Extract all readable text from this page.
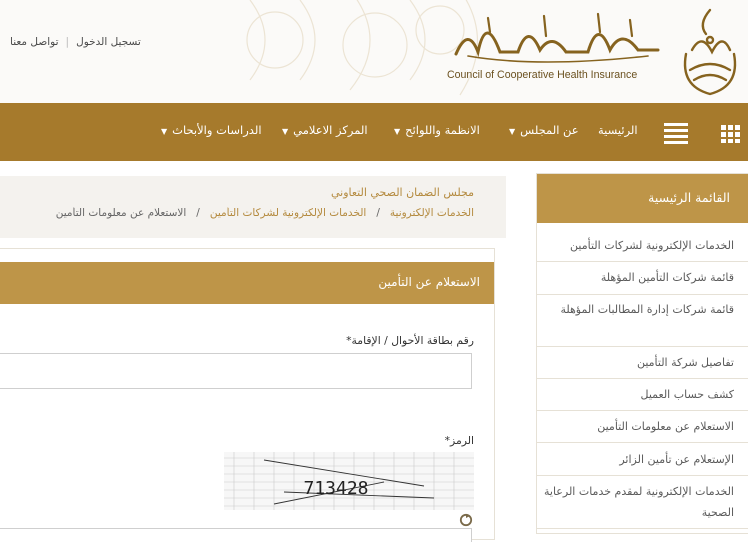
تسجيل الدخول|تواصل معنا	مجلس الضمان الصحي التعاوني
Council of Cooperative Health Insurance
الرئيسية
عن المجلس▼
الانظمة واللوائح▼
المركز الاعلامي▼
الدراسات والأبحاث▼
مجلس الضمان الصحي التعاوني
الخدمات الإلكترونية/الخدمات الإلكترونية لشركات التأمين/الاستعلام عن معلومات التأمين
الاستعلام عن التأمين
رقم بطاقة الأحوال / الإقامة*
الرمز*
713428
القائمة الرئيسية
الخدمات الإلكترونية لشركات التأمين
قائمة شركات التأمين المؤهلة
قائمة شركات إدارة المطالبات المؤهلة
تفاصيل شركة التأمين
كشف حساب العميل
الاستعلام عن معلومات التأمين
الإستعلام عن تأمين الزائر
الخدمات الإلكترونية لمقدم خدمات الرعاية الصحية
